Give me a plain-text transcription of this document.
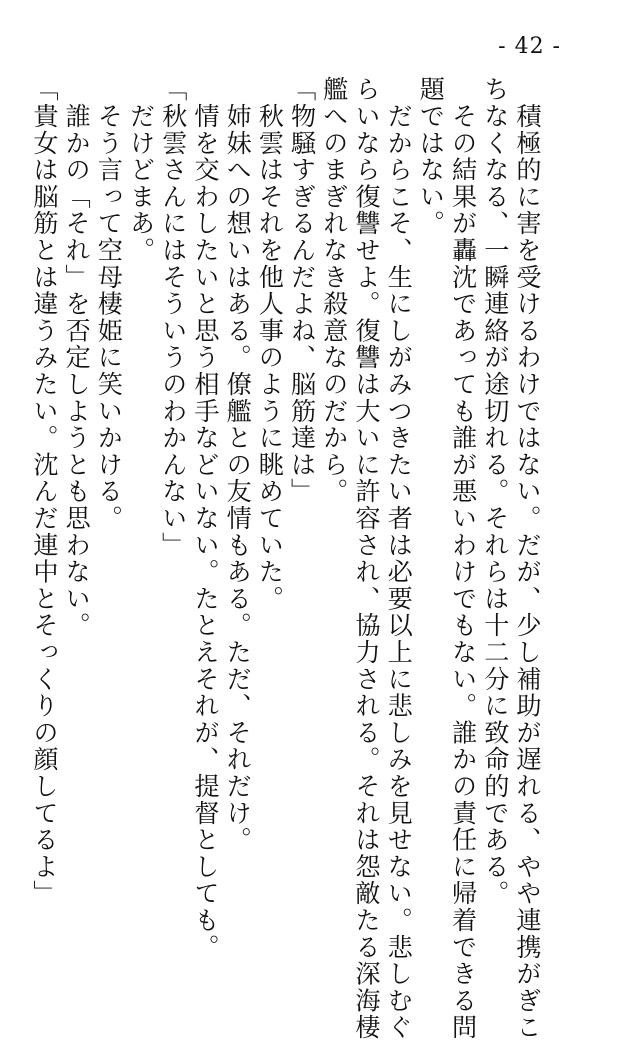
- 42 -
　積極的に害を受けるわけではない。だが、少し補助が遅れる、やや連携がぎこ
ちなくなる、一瞬連絡が途切れる。それらは十二分に致命的である。
　その結果が轟沈であっても誰が悪いわけでもない。誰かの責任に帰着できる問
題ではない。
　だからこそ、生にしがみつきたい者は必要以上に悲しみを見せない。悲しむぐ
らいなら復讐せよ。復讐は大いに許容され、協力される。それは怨敵たる深海棲
艦へのまぎれなき殺意なのだから。
「物騒すぎるんだよね、脳筋達は」
　秋雲はそれを他人事のように眺めていた。
　姉妹への想いはある。僚艦との友情もある。ただ、それだけ。
　情を交わしたいと思う相手などいない。たとえそれが、提督としても。
「秋雲さんにはそういうのわかんない」
　だけどまあ。
　そう言って空母棲姫に笑いかける。
　誰かの「それ」を否定しようとも思わない。
「貴女は脳筋とは違うみたい。沈んだ連中とそっくりの顔してるよ」
